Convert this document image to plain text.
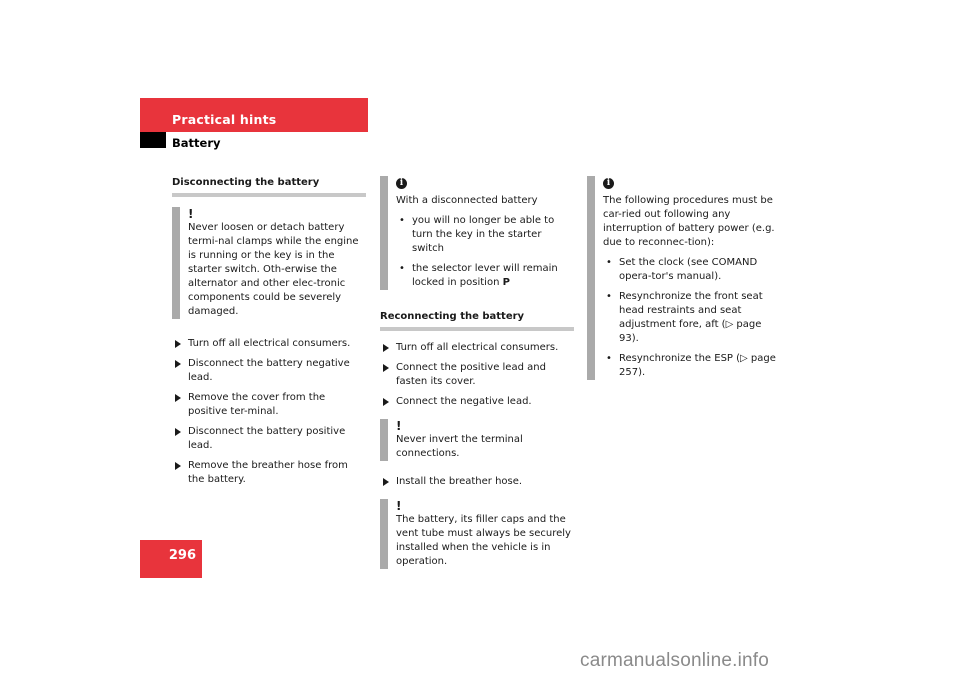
Practical hints
Battery
Disconnecting the battery
!
Never loosen or detach battery termi-nal clamps while the engine is running or the key is in the starter switch. Oth-erwise the alternator and other elec-tronic components could be severely damaged.
Turn off all electrical consumers.
Disconnect the battery negative lead.
Remove the cover from the positive ter-minal.
Disconnect the battery positive lead.
Remove the breather hose from the battery.
i
With a disconnected battery
• you will no longer be able to turn the key in the starter switch
• the selector lever will remain locked in position P
Reconnecting the battery
Turn off all electrical consumers.
Connect the positive lead and fasten its cover.
Connect the negative lead.
!
Never invert the terminal connections.
Install the breather hose.
!
The battery, its filler caps and the vent tube must always be securely installed when the vehicle is in operation.
i
The following procedures must be car-ried out following any interruption of battery power (e.g. due to reconnec-tion):
• Set the clock (see COMAND opera-tor's manual).
• Resynchronize the front seat head restraints and seat adjustment fore, aft (▷ page 93).
• Resynchronize the ESP (▷ page 257).
296
carmanualsonline.info
